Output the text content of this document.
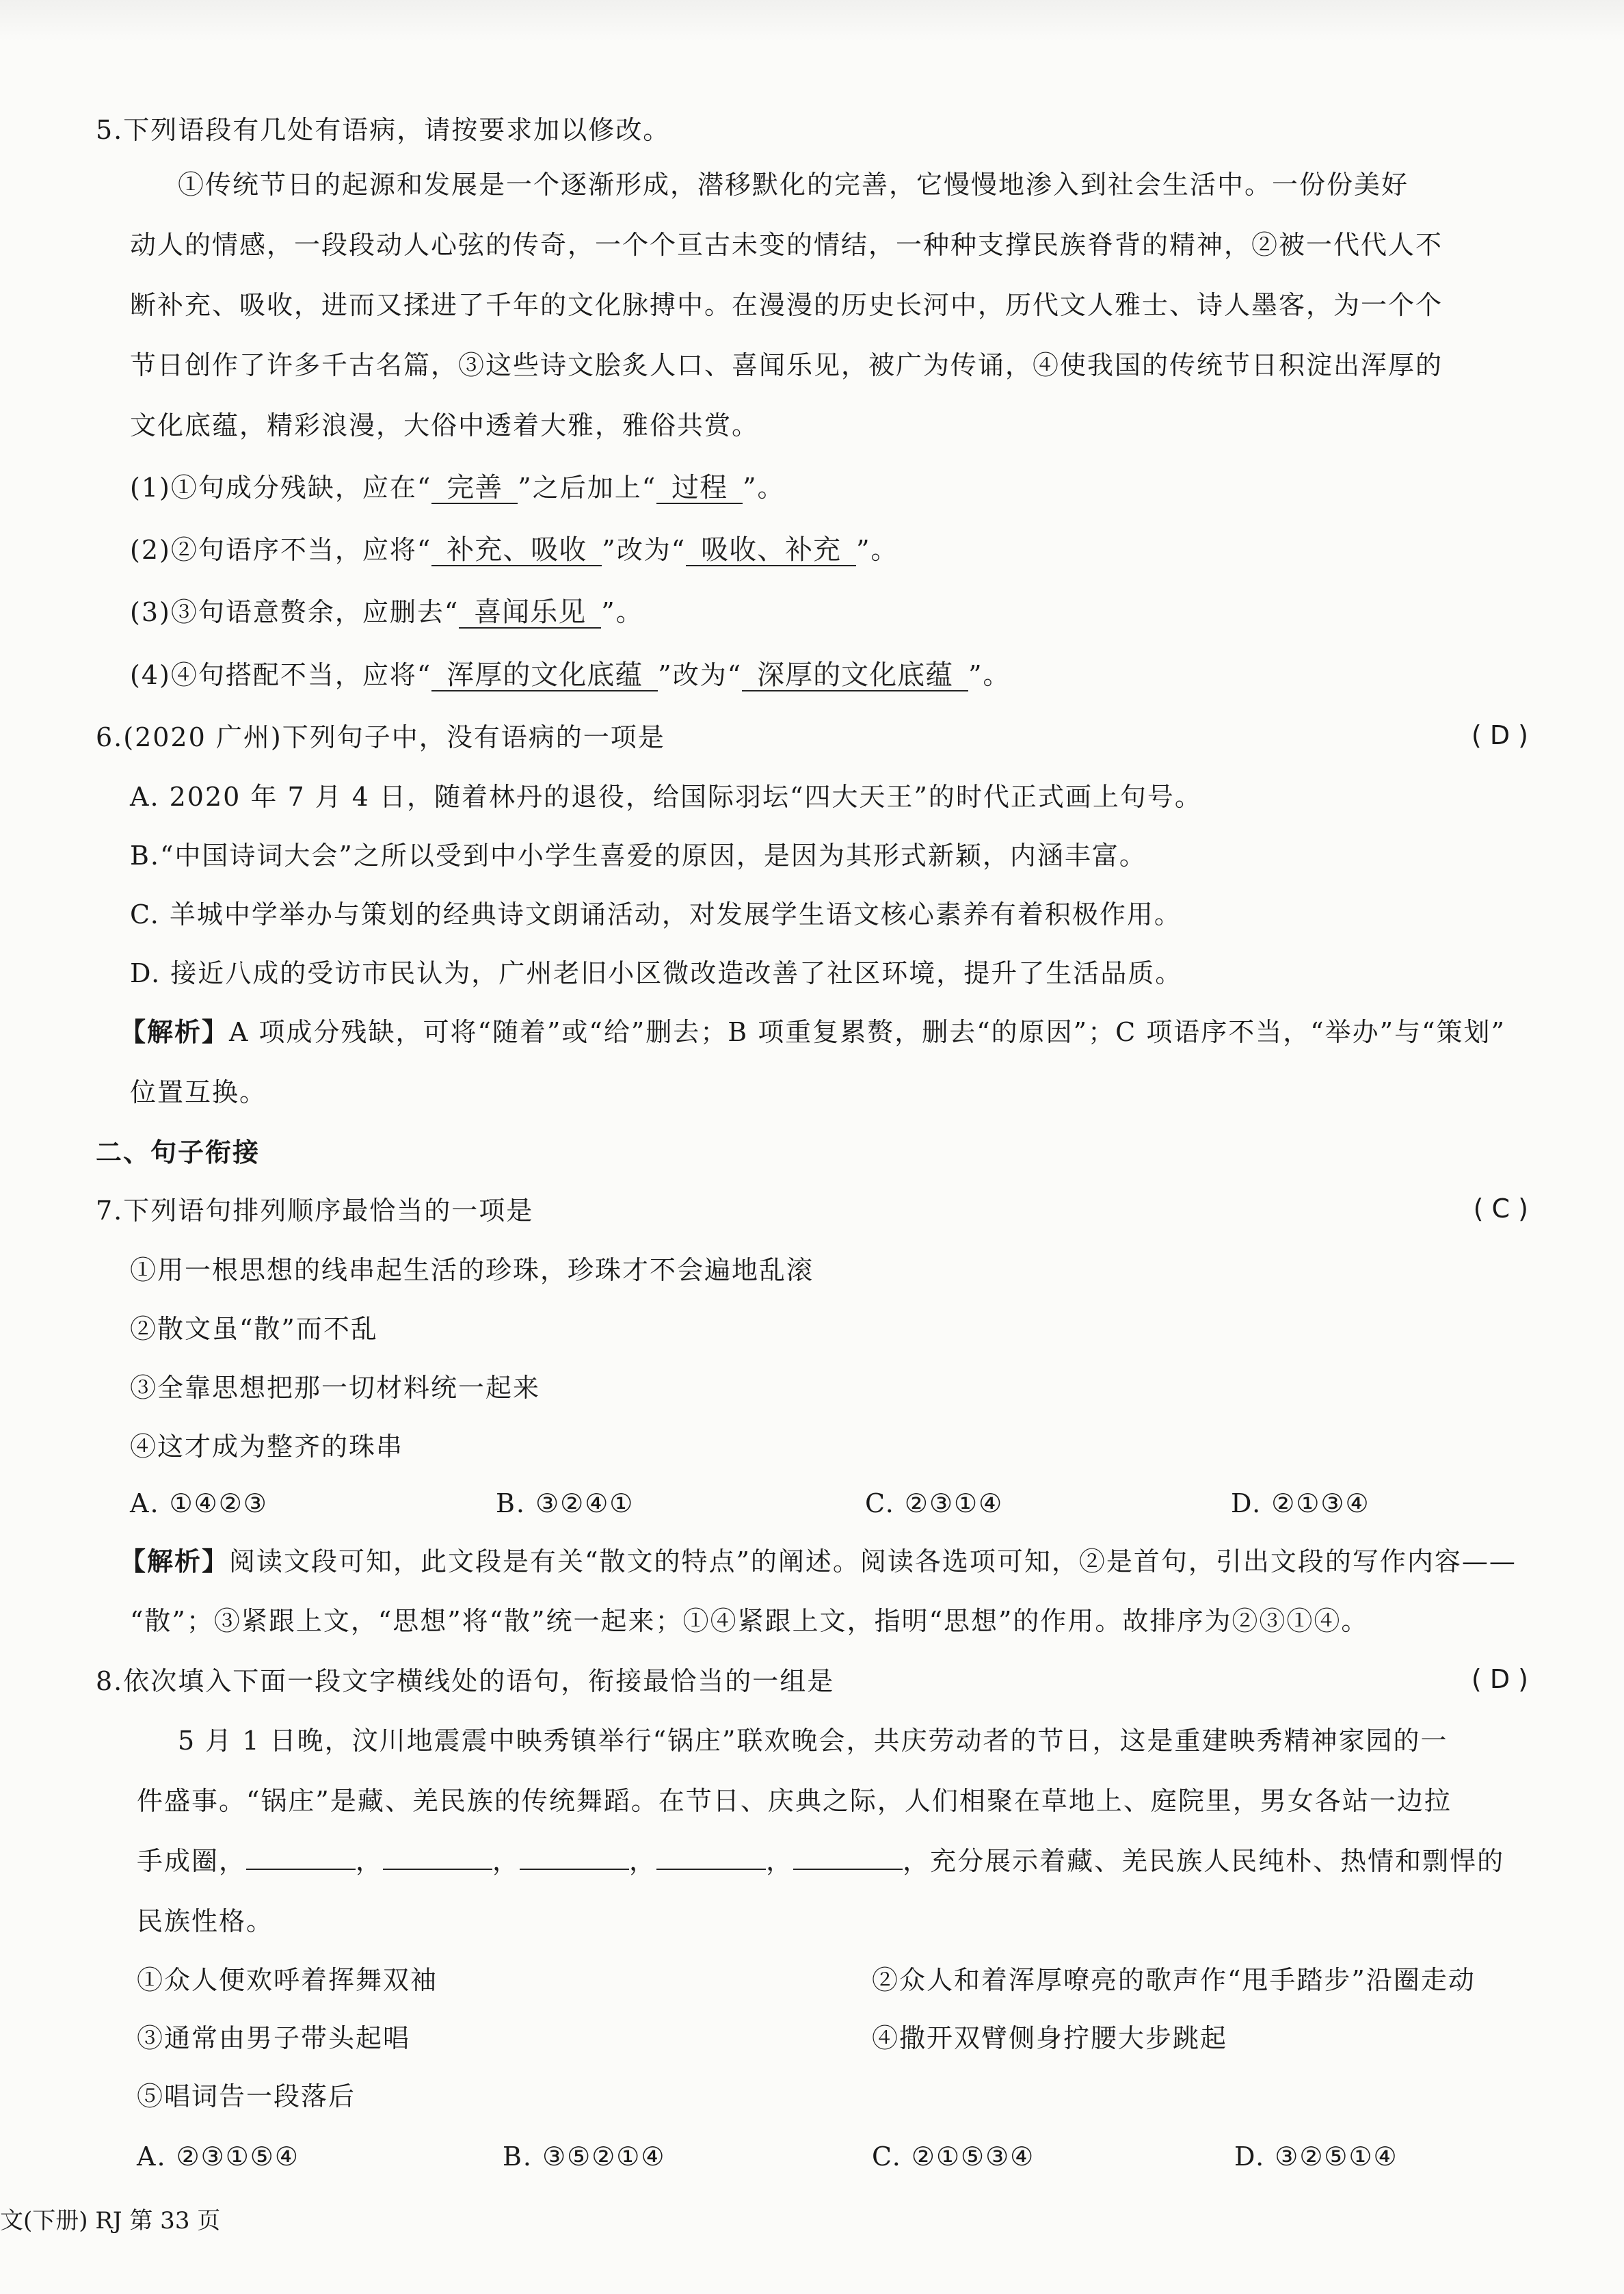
5.下列语段有几处有语病，请按要求加以修改。
①传统节日的起源和发展是一个逐渐形成，潜移默化的完善，它慢慢地渗入到社会生活中。一份份美好
动人的情感，一段段动人心弦的传奇，一个个亘古未变的情结，一种种支撑民族脊背的精神，②被一代代人不
断补充、吸收，进而又揉进了千年的文化脉搏中。在漫漫的历史长河中，历代文人雅士、诗人墨客，为一个个
节日创作了许多千古名篇，③这些诗文脍炙人口、喜闻乐见，被广为传诵，④使我国的传统节日积淀出浑厚的
文化底蕴，精彩浪漫，大俗中透着大雅，雅俗共赏。
(1)①句成分残缺，应在“ 完善 ”之后加上“ 过程 ”。
(2)②句语序不当，应将“ 补充、吸收 ”改为“ 吸收、补充 ”。
(3)③句语意赘余，应删去“ 喜闻乐见 ”。
(4)④句搭配不当，应将“ 浑厚的文化底蕴 ”改为“ 深厚的文化底蕴 ”。
6.(2020 广州)下列句子中，没有语病的一项是	( D )
A. 2020 年 7 月 4 日，随着林丹的退役，给国际羽坛“四大天王”的时代正式画上句号。
B.“中国诗词大会”之所以受到中小学生喜爱的原因，是因为其形式新颖，内涵丰富。
C. 羊城中学举办与策划的经典诗文朗诵活动，对发展学生语文核心素养有着积极作用。
D. 接近八成的受访市民认为，广州老旧小区微改造改善了社区环境，提升了生活品质。
【解析】A 项成分残缺，可将“随着”或“给”删去；B 项重复累赘，删去“的原因”；C 项语序不当，“举办”与“策划”
位置互换。
二、句子衔接
7.下列语句排列顺序最恰当的一项是	( C )
①用一根思想的线串起生活的珍珠，珍珠才不会遍地乱滚
②散文虽“散”而不乱
③全靠思想把那一切材料统一起来
④这才成为整齐的珠串
A. ①④②③	B. ③②④①	C. ②③①④	D. ②①③④
【解析】阅读文段可知，此文段是有关“散文的特点”的阐述。阅读各选项可知，②是首句，引出文段的写作内容——
“散”；③紧跟上文，“思想”将“散”统一起来；①④紧跟上文，指明“思想”的作用。故排序为②③①④。
8.依次填入下面一段文字横线处的语句，衔接最恰当的一组是	( D )
5 月 1 日晚，汶川地震震中映秀镇举行“锅庄”联欢晚会，共庆劳动者的节日，这是重建映秀精神家园的一
件盛事。“锅庄”是藏、羌民族的传统舞蹈。在节日、庆典之际，人们相聚在草地上、庭院里，男女各站一边拉
手成圈，	，	，	，	，	，充分展示着藏、羌民族人民纯朴、热情和剽悍的
民族性格。
①众人便欢呼着挥舞双袖	②众人和着浑厚嘹亮的歌声作“甩手踏步”沿圈走动
③通常由男子带头起唱	④撒开双臂侧身拧腰大步跳起
⑤唱词告一段落后
A. ②③①⑤④	B. ③⑤②①④	C. ②①⑤③④	D. ③②⑤①④
文(下册) RJ 第 33 页
